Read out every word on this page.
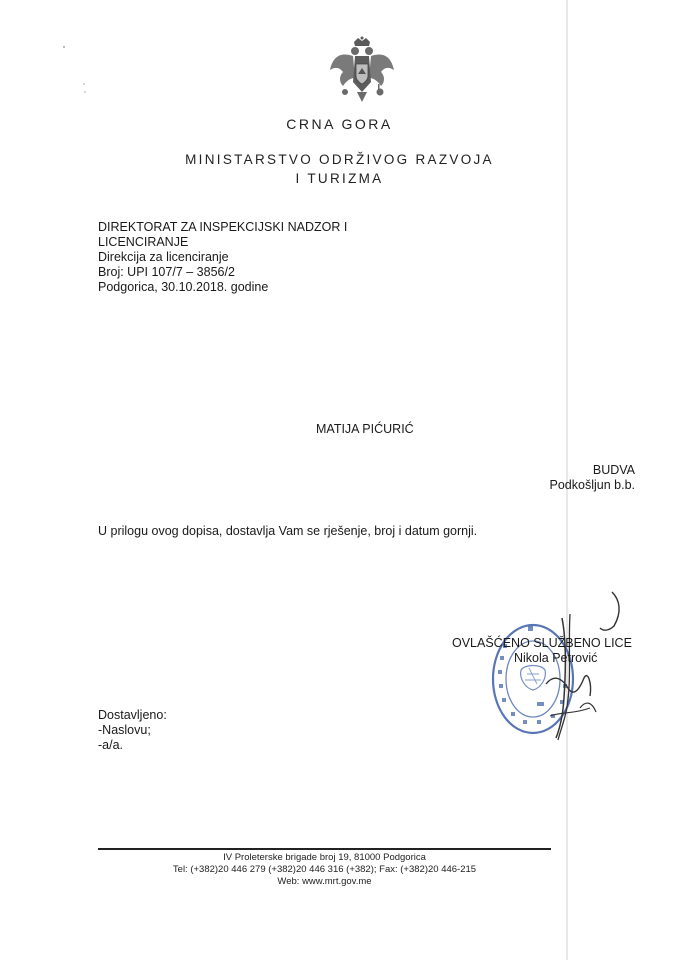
CRNA GORA
MINISTARSTVO ODRŽIVOG RAZVOJA
I TURIZMA
DIREKTORAT ZA INSPEKCIJSKI NADZOR I
LICENCIRANJE
Direkcija za licenciranje
Broj: UPI 107/7 – 3856/2
Podgorica, 30.10.2018. godine
MATIJA PIĆURIĆ
BUDVA
Podkošljun b.b.
U prilogu ovog dopisa, dostavlja Vam se rješenje, broj i datum gornji.
OVLAŠĆENO SLUŽBENO LICE
Nikola Petrović
Dostavljeno:
-Naslovu;
-a/a.
IV Proleterske brigade broj 19, 81000 Podgorica
Tel: (+382)20 446 279 (+382)20 446 316 (+382); Fax: (+382)20 446-215
Web: www.mrt.gov.me
